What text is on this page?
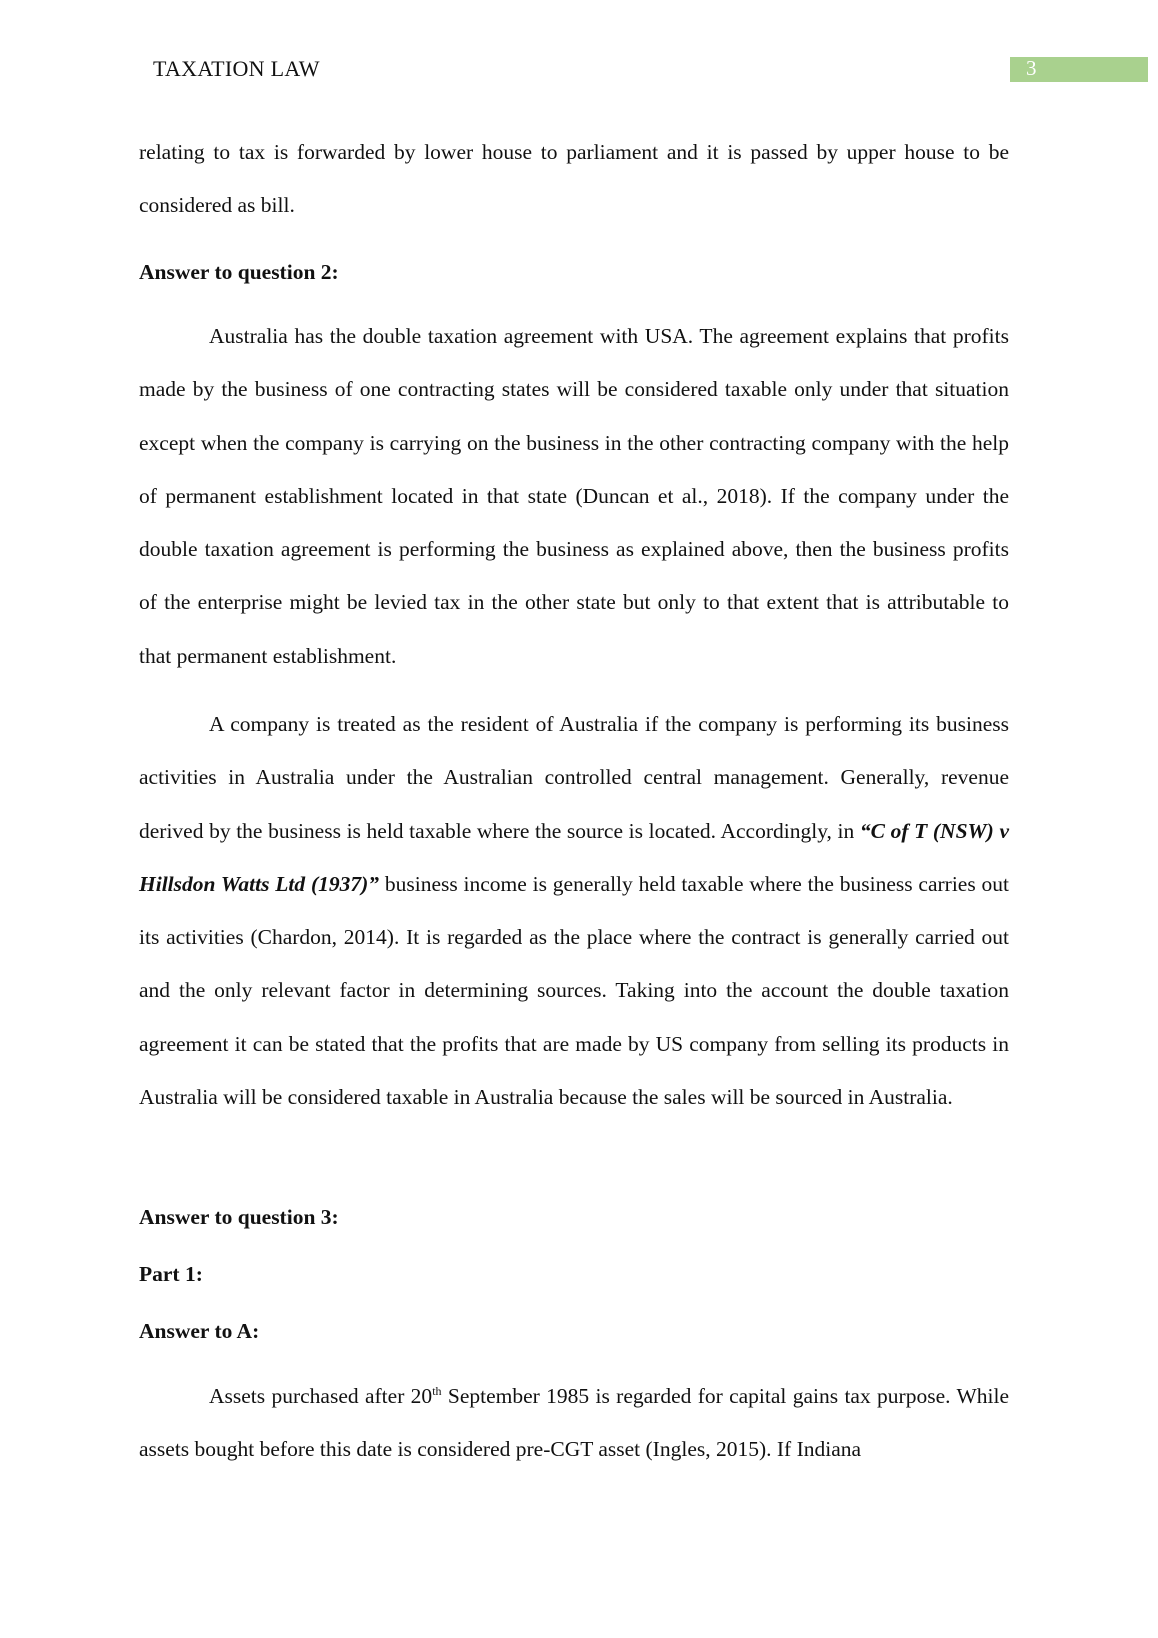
TAXATION LAW	3

relating to tax is forwarded by lower house to parliament and it is passed by upper house to be considered as bill.

Answer to question 2:

Australia has the double taxation agreement with USA. The agreement explains that profits made by the business of one contracting states will be considered taxable only under that situation except when the company is carrying on the business in the other contracting company with the help of permanent establishment located in that state (Duncan et al., 2018). If the company under the double taxation agreement is performing the business as explained above, then the business profits of the enterprise might be levied tax in the other state but only to that extent that is attributable to that permanent establishment.

A company is treated as the resident of Australia if the company is performing its business activities in Australia under the Australian controlled central management. Generally, revenue derived by the business is held taxable where the source is located. Accordingly, in “C of T (NSW) v Hillsdon Watts Ltd (1937)” business income is generally held taxable where the business carries out its activities (Chardon, 2014). It is regarded as the place where the contract is generally carried out and the only relevant factor in determining sources. Taking into the account the double taxation agreement it can be stated that the profits that are made by US company from selling its products in Australia will be considered taxable in Australia because the sales will be sourced in Australia.

Answer to question 3:
Part 1:
Answer to A:

Assets purchased after 20th September 1985 is regarded for capital gains tax purpose. While assets bought before this date is considered pre-CGT asset (Ingles, 2015). If Indiana
